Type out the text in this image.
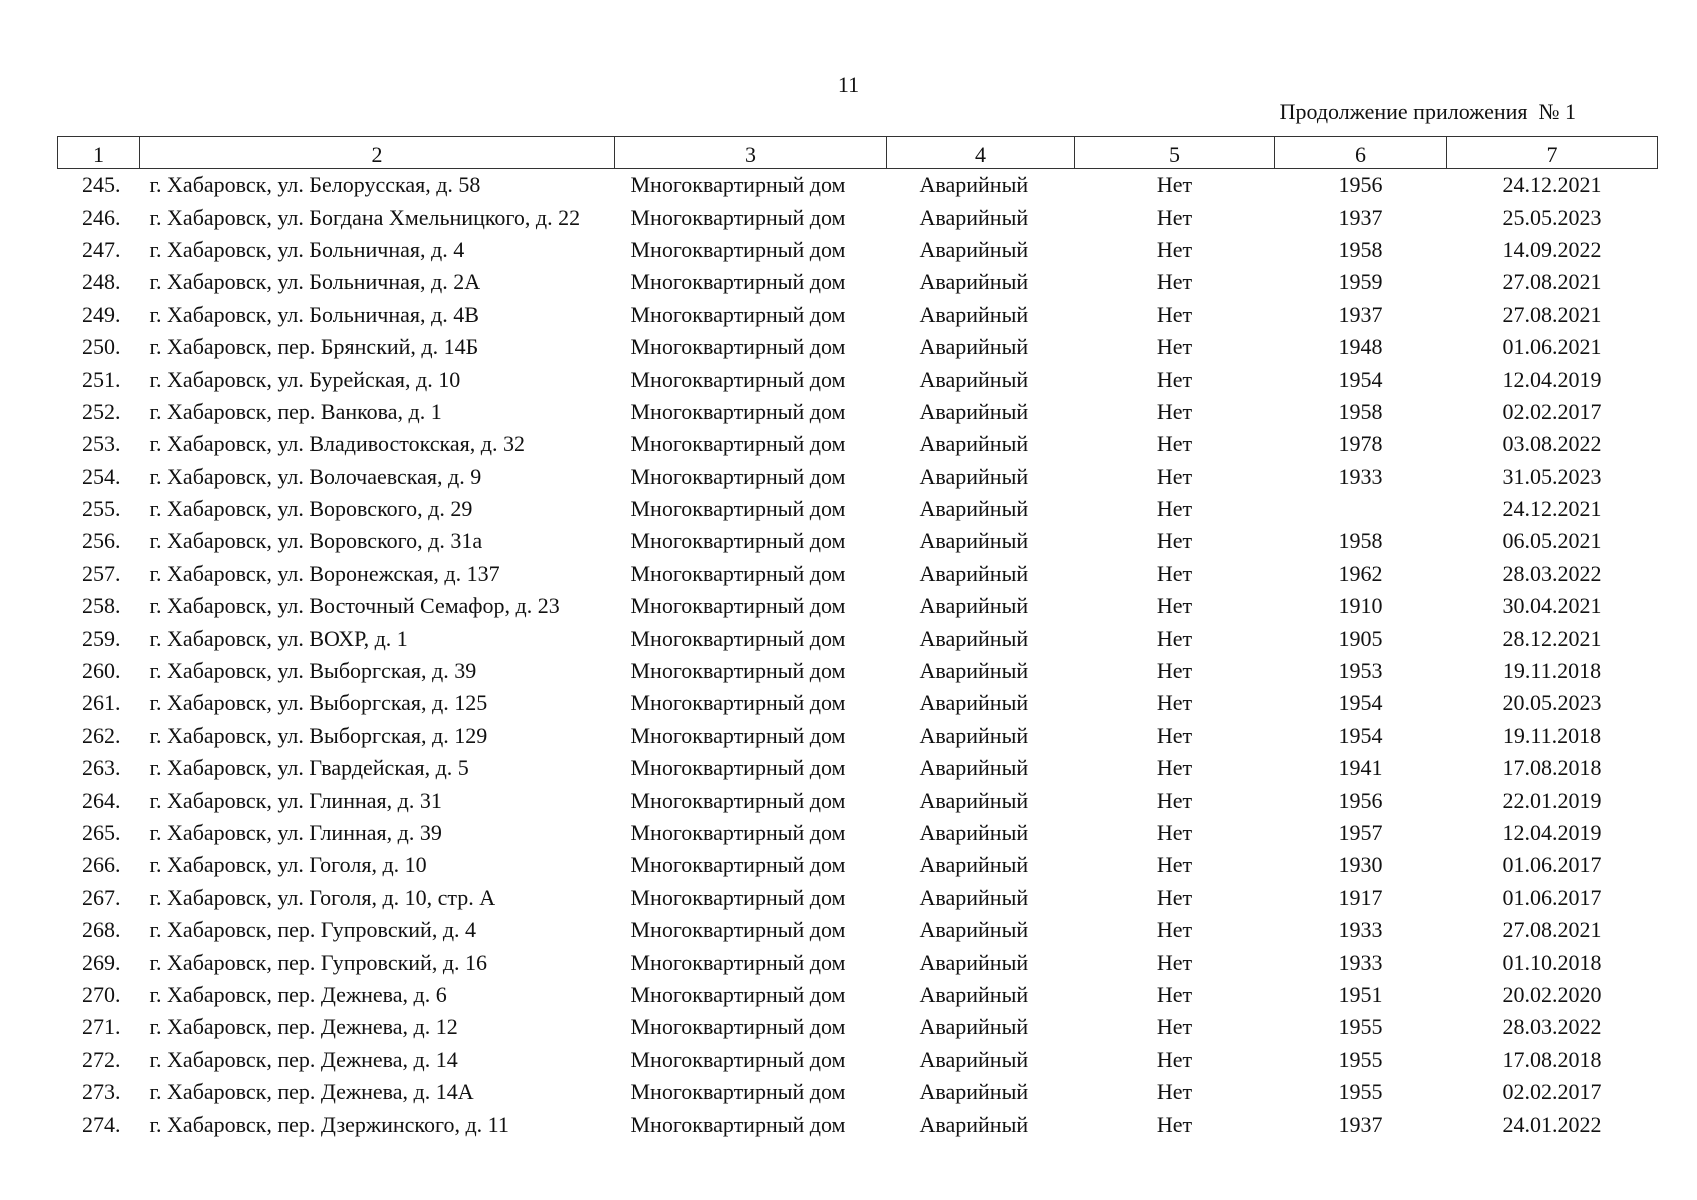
11
Продолжение приложения  № 1
1	2	3	4	5	6	7
245.	г. Хабаровск, ул. Белорусская, д. 58	Многоквартирный дом	Аварийный	Нет	1956	24.12.2021
246.	г. Хабаровск, ул. Богдана Хмельницкого, д. 22	Многоквартирный дом	Аварийный	Нет	1937	25.05.2023
247.	г. Хабаровск, ул. Больничная, д. 4	Многоквартирный дом	Аварийный	Нет	1958	14.09.2022
248.	г. Хабаровск, ул. Больничная, д. 2А	Многоквартирный дом	Аварийный	Нет	1959	27.08.2021
249.	г. Хабаровск, ул. Больничная, д. 4В	Многоквартирный дом	Аварийный	Нет	1937	27.08.2021
250.	г. Хабаровск, пер. Брянский, д. 14Б	Многоквартирный дом	Аварийный	Нет	1948	01.06.2021
251.	г. Хабаровск, ул. Бурейская, д. 10	Многоквартирный дом	Аварийный	Нет	1954	12.04.2019
252.	г. Хабаровск, пер. Ванкова, д. 1	Многоквартирный дом	Аварийный	Нет	1958	02.02.2017
253.	г. Хабаровск, ул. Владивостокская, д. 32	Многоквартирный дом	Аварийный	Нет	1978	03.08.2022
254.	г. Хабаровск, ул. Волочаевская, д. 9	Многоквартирный дом	Аварийный	Нет	1933	31.05.2023
255.	г. Хабаровск, ул. Воровского, д. 29	Многоквартирный дом	Аварийный	Нет		24.12.2021
256.	г. Хабаровск, ул. Воровского, д. 31а	Многоквартирный дом	Аварийный	Нет	1958	06.05.2021
257.	г. Хабаровск, ул. Воронежская, д. 137	Многоквартирный дом	Аварийный	Нет	1962	28.03.2022
258.	г. Хабаровск, ул. Восточный Семафор, д. 23	Многоквартирный дом	Аварийный	Нет	1910	30.04.2021
259.	г. Хабаровск, ул. ВОХР, д. 1	Многоквартирный дом	Аварийный	Нет	1905	28.12.2021
260.	г. Хабаровск, ул. Выборгская, д. 39	Многоквартирный дом	Аварийный	Нет	1953	19.11.2018
261.	г. Хабаровск, ул. Выборгская, д. 125	Многоквартирный дом	Аварийный	Нет	1954	20.05.2023
262.	г. Хабаровск, ул. Выборгская, д. 129	Многоквартирный дом	Аварийный	Нет	1954	19.11.2018
263.	г. Хабаровск, ул. Гвардейская, д. 5	Многоквартирный дом	Аварийный	Нет	1941	17.08.2018
264.	г. Хабаровск, ул. Глинная, д. 31	Многоквартирный дом	Аварийный	Нет	1956	22.01.2019
265.	г. Хабаровск, ул. Глинная, д. 39	Многоквартирный дом	Аварийный	Нет	1957	12.04.2019
266.	г. Хабаровск, ул. Гоголя, д. 10	Многоквартирный дом	Аварийный	Нет	1930	01.06.2017
267.	г. Хабаровск, ул. Гоголя, д. 10, стр. А	Многоквартирный дом	Аварийный	Нет	1917	01.06.2017
268.	г. Хабаровск, пер. Гупровский, д. 4	Многоквартирный дом	Аварийный	Нет	1933	27.08.2021
269.	г. Хабаровск, пер. Гупровский, д. 16	Многоквартирный дом	Аварийный	Нет	1933	01.10.2018
270.	г. Хабаровск, пер. Дежнева, д. 6	Многоквартирный дом	Аварийный	Нет	1951	20.02.2020
271.	г. Хабаровск, пер. Дежнева, д. 12	Многоквартирный дом	Аварийный	Нет	1955	28.03.2022
272.	г. Хабаровск, пер. Дежнева, д. 14	Многоквартирный дом	Аварийный	Нет	1955	17.08.2018
273.	г. Хабаровск, пер. Дежнева, д. 14А	Многоквартирный дом	Аварийный	Нет	1955	02.02.2017
274.	г. Хабаровск, пер. Дзержинского, д. 11	Многоквартирный дом	Аварийный	Нет	1937	24.01.2022
